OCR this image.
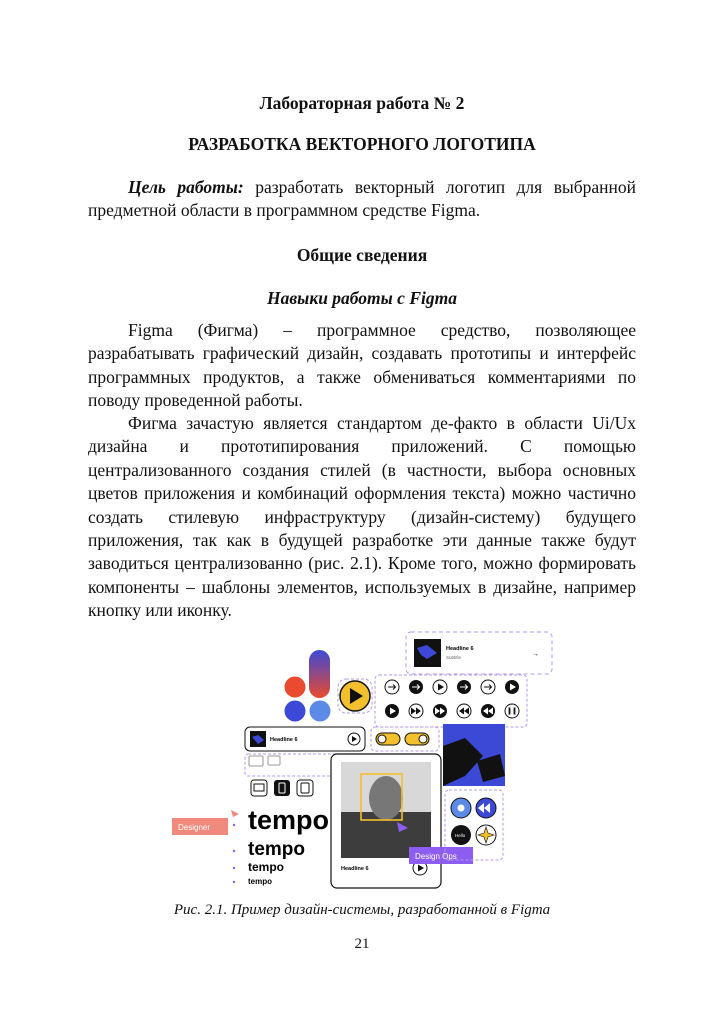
Лабораторная работа № 2
РАЗРАБОТКА ВЕКТОРНОГО ЛОГОТИПА

Цель работы: разработать векторный логотип для выбранной предметной области в программном средстве Figma.

Общие сведения
Навыки работы с Figma

Figma (Фигма) – программное средство, позволяющее разрабатывать графический дизайн, создавать прототипы и интерфейс программных продуктов, а также обмениваться комментариями по поводу проведенной работы.

Фигма зачастую является стандартом де-факто в области Ui/Ux дизайна и прототипирования приложений. С помощью централизованного создания стилей (в частности, выбора основных цветов приложения и комбинаций оформления текста) можно частично создать стилевую инфраструктуру (дизайн-систему) будущего приложения, так как в будущей разработке эти данные также будут заводиться централизованно (рис. 2.1). Кроме того, можно формировать компоненты – шаблоны элементов, используемых в дизайне, например кнопку или иконку.

Headline 6
Subtitle	→
Headline 6
tempo
tempo
tempo
tempo
Designer
Headline 6
Design Ops
Hello
Рис. 2.1. Пример дизайн-системы, разработанной в Figma
21
